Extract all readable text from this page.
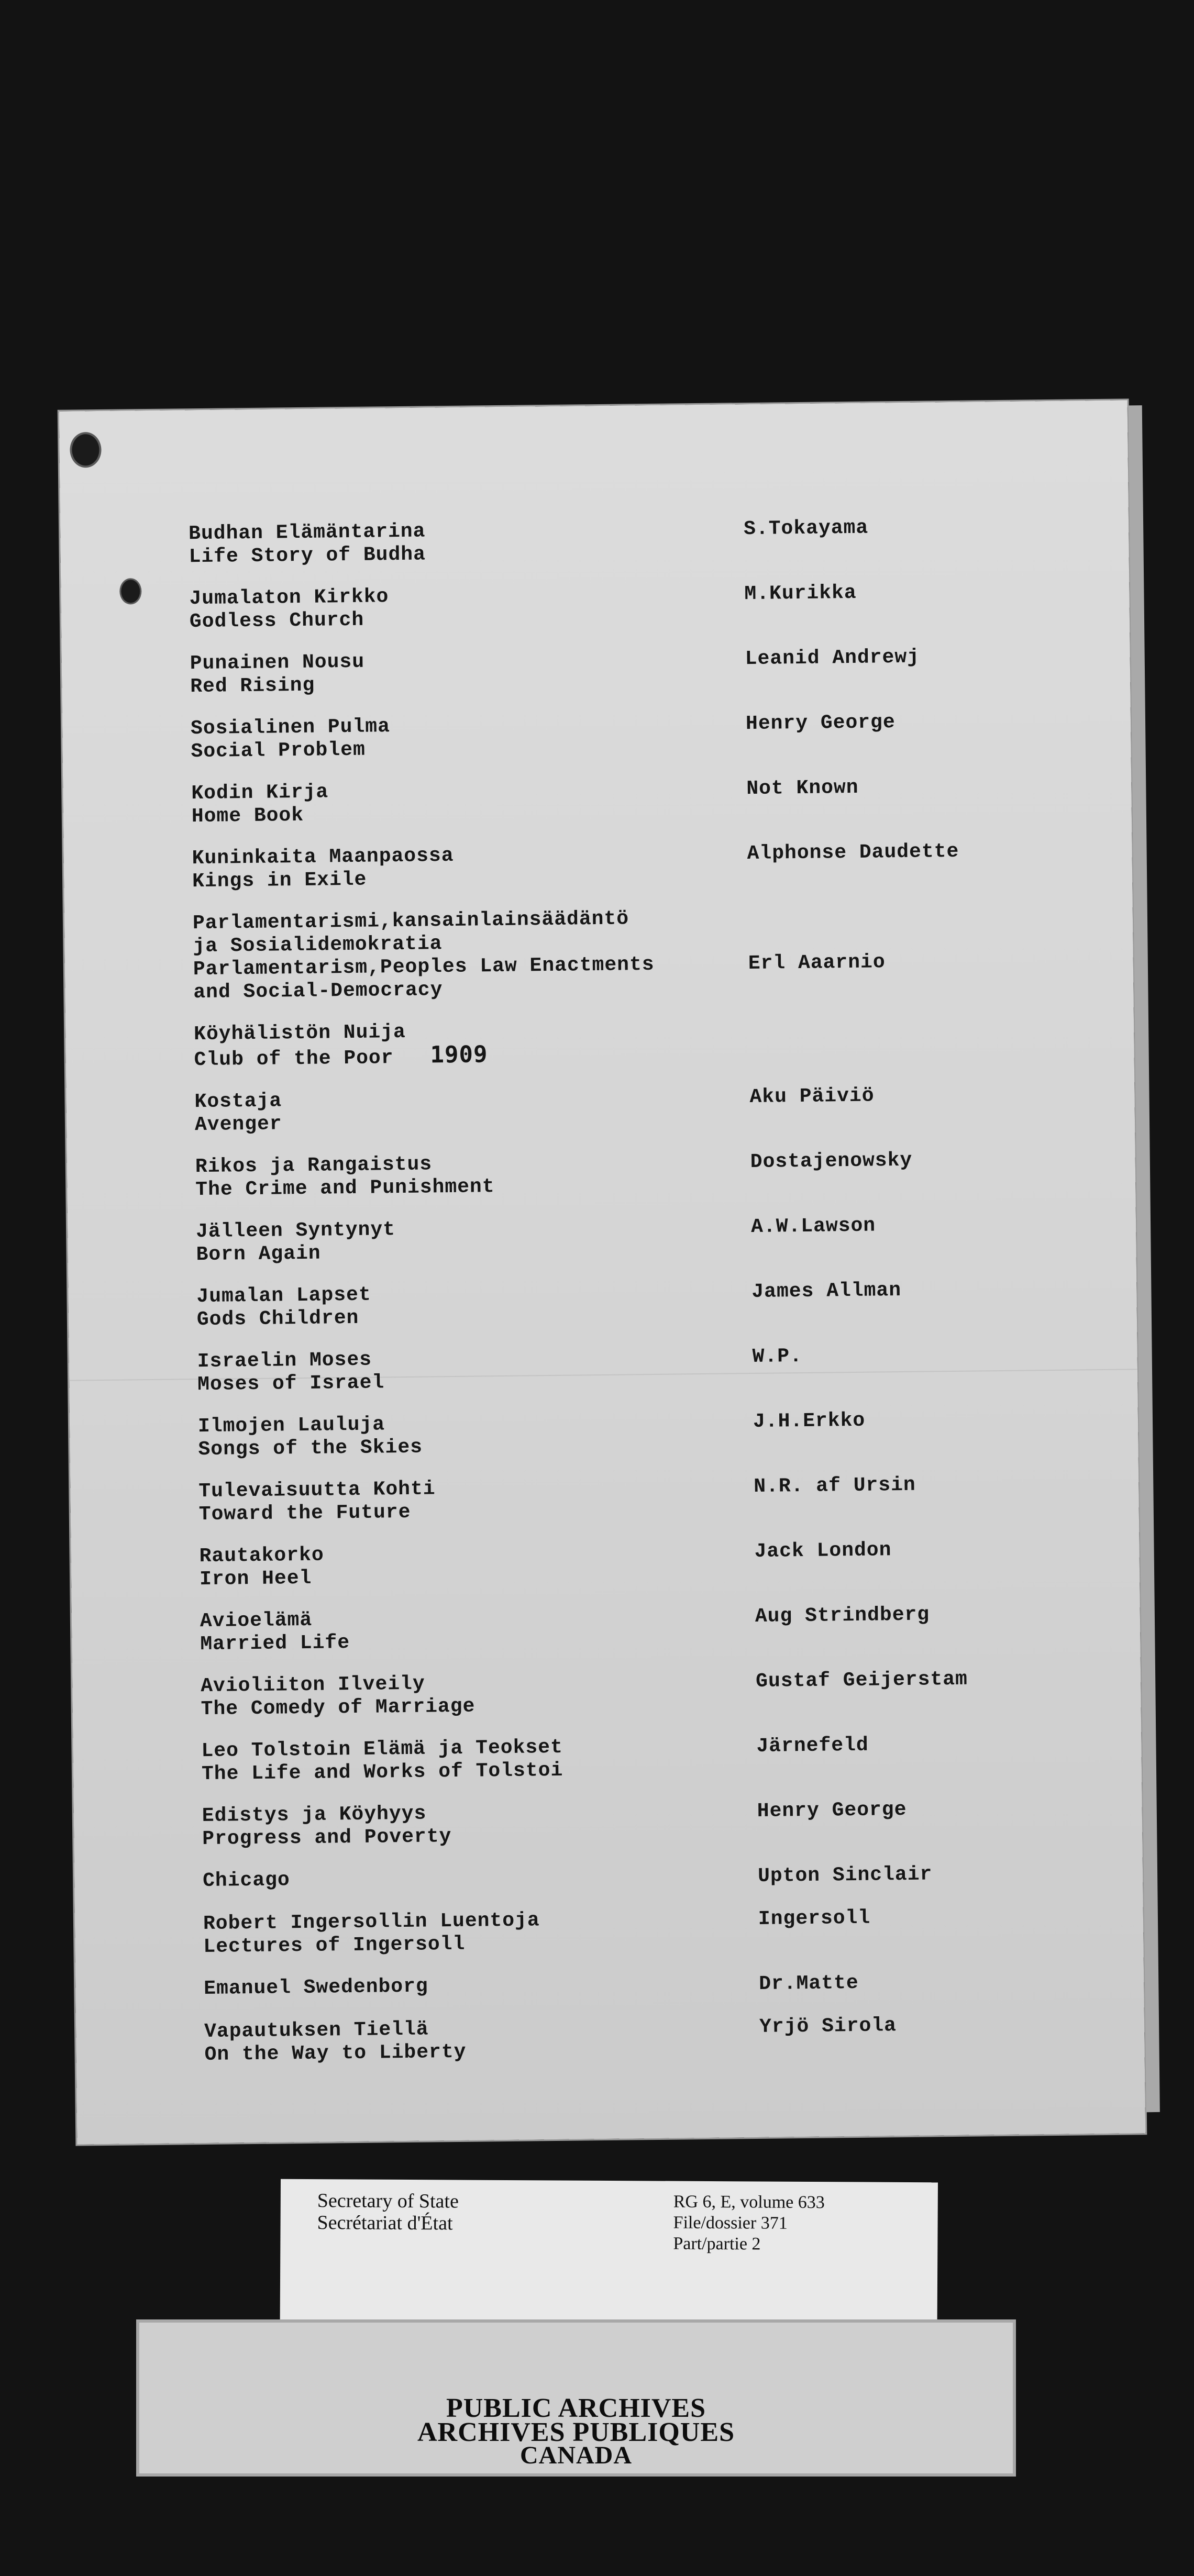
Budhan Elämäntarina
Life Story of Budha
S.Tokayama
Jumalaton Kirkko
Godless Church
M.Kurikka
Punainen Nousu
Red Rising
Leanid Andrewj
Sosialinen Pulma
Social Problem
Henry George
Kodin Kirja
Home Book
Not Known
Kuninkaita Maanpaossa
Kings in Exile
Alphonse Daudette
Parlamentarismi,kansainlainsäädäntö
ja Sosialidemokratia
Parlamentarism,Peoples Law Enactments
and Social-Democracy
Erl Aaarnio
Köyhälistön Nuija
Club of the Poor 1909
Kostaja
Avenger
Aku Päiviö
Rikos ja Rangaistus
The Crime and Punishment
Dostajenowsky
Jälleen Syntynyt
Born Again
A.W.Lawson
Jumalan Lapset
Gods Children
James Allman
Israelin Moses
Moses of Israel
W.P.
Ilmojen Lauluja
Songs of the Skies
J.H.Erkko
Tulevaisuutta Kohti
Toward the Future
N.R. af Ursin
Rautakorko
Iron Heel
Jack London
Avioelämä
Married Life
Aug Strindberg
Avioliiton Ilveily
The Comedy of Marriage
Gustaf Geijerstam
Leo Tolstoin Elämä ja Teokset
The Life and Works of Tolstoi
Järnefeld
Edistys ja Köyhyys
Progress and Poverty
Henry George
Chicago	Upton Sinclair
Robert Ingersollin Luentoja
Lectures of Ingersoll
Ingersoll
Emanuel Swedenborg	Dr.Matte
Vapautuksen Tiellä
On the Way to Liberty
Yrjö Sirola
Secretary of State
Secrétariat d'État
RG 6, E, volume 633
File/dossier 371
Part/partie 2
PUBLIC ARCHIVES
ARCHIVES PUBLIQUES
CANADA
